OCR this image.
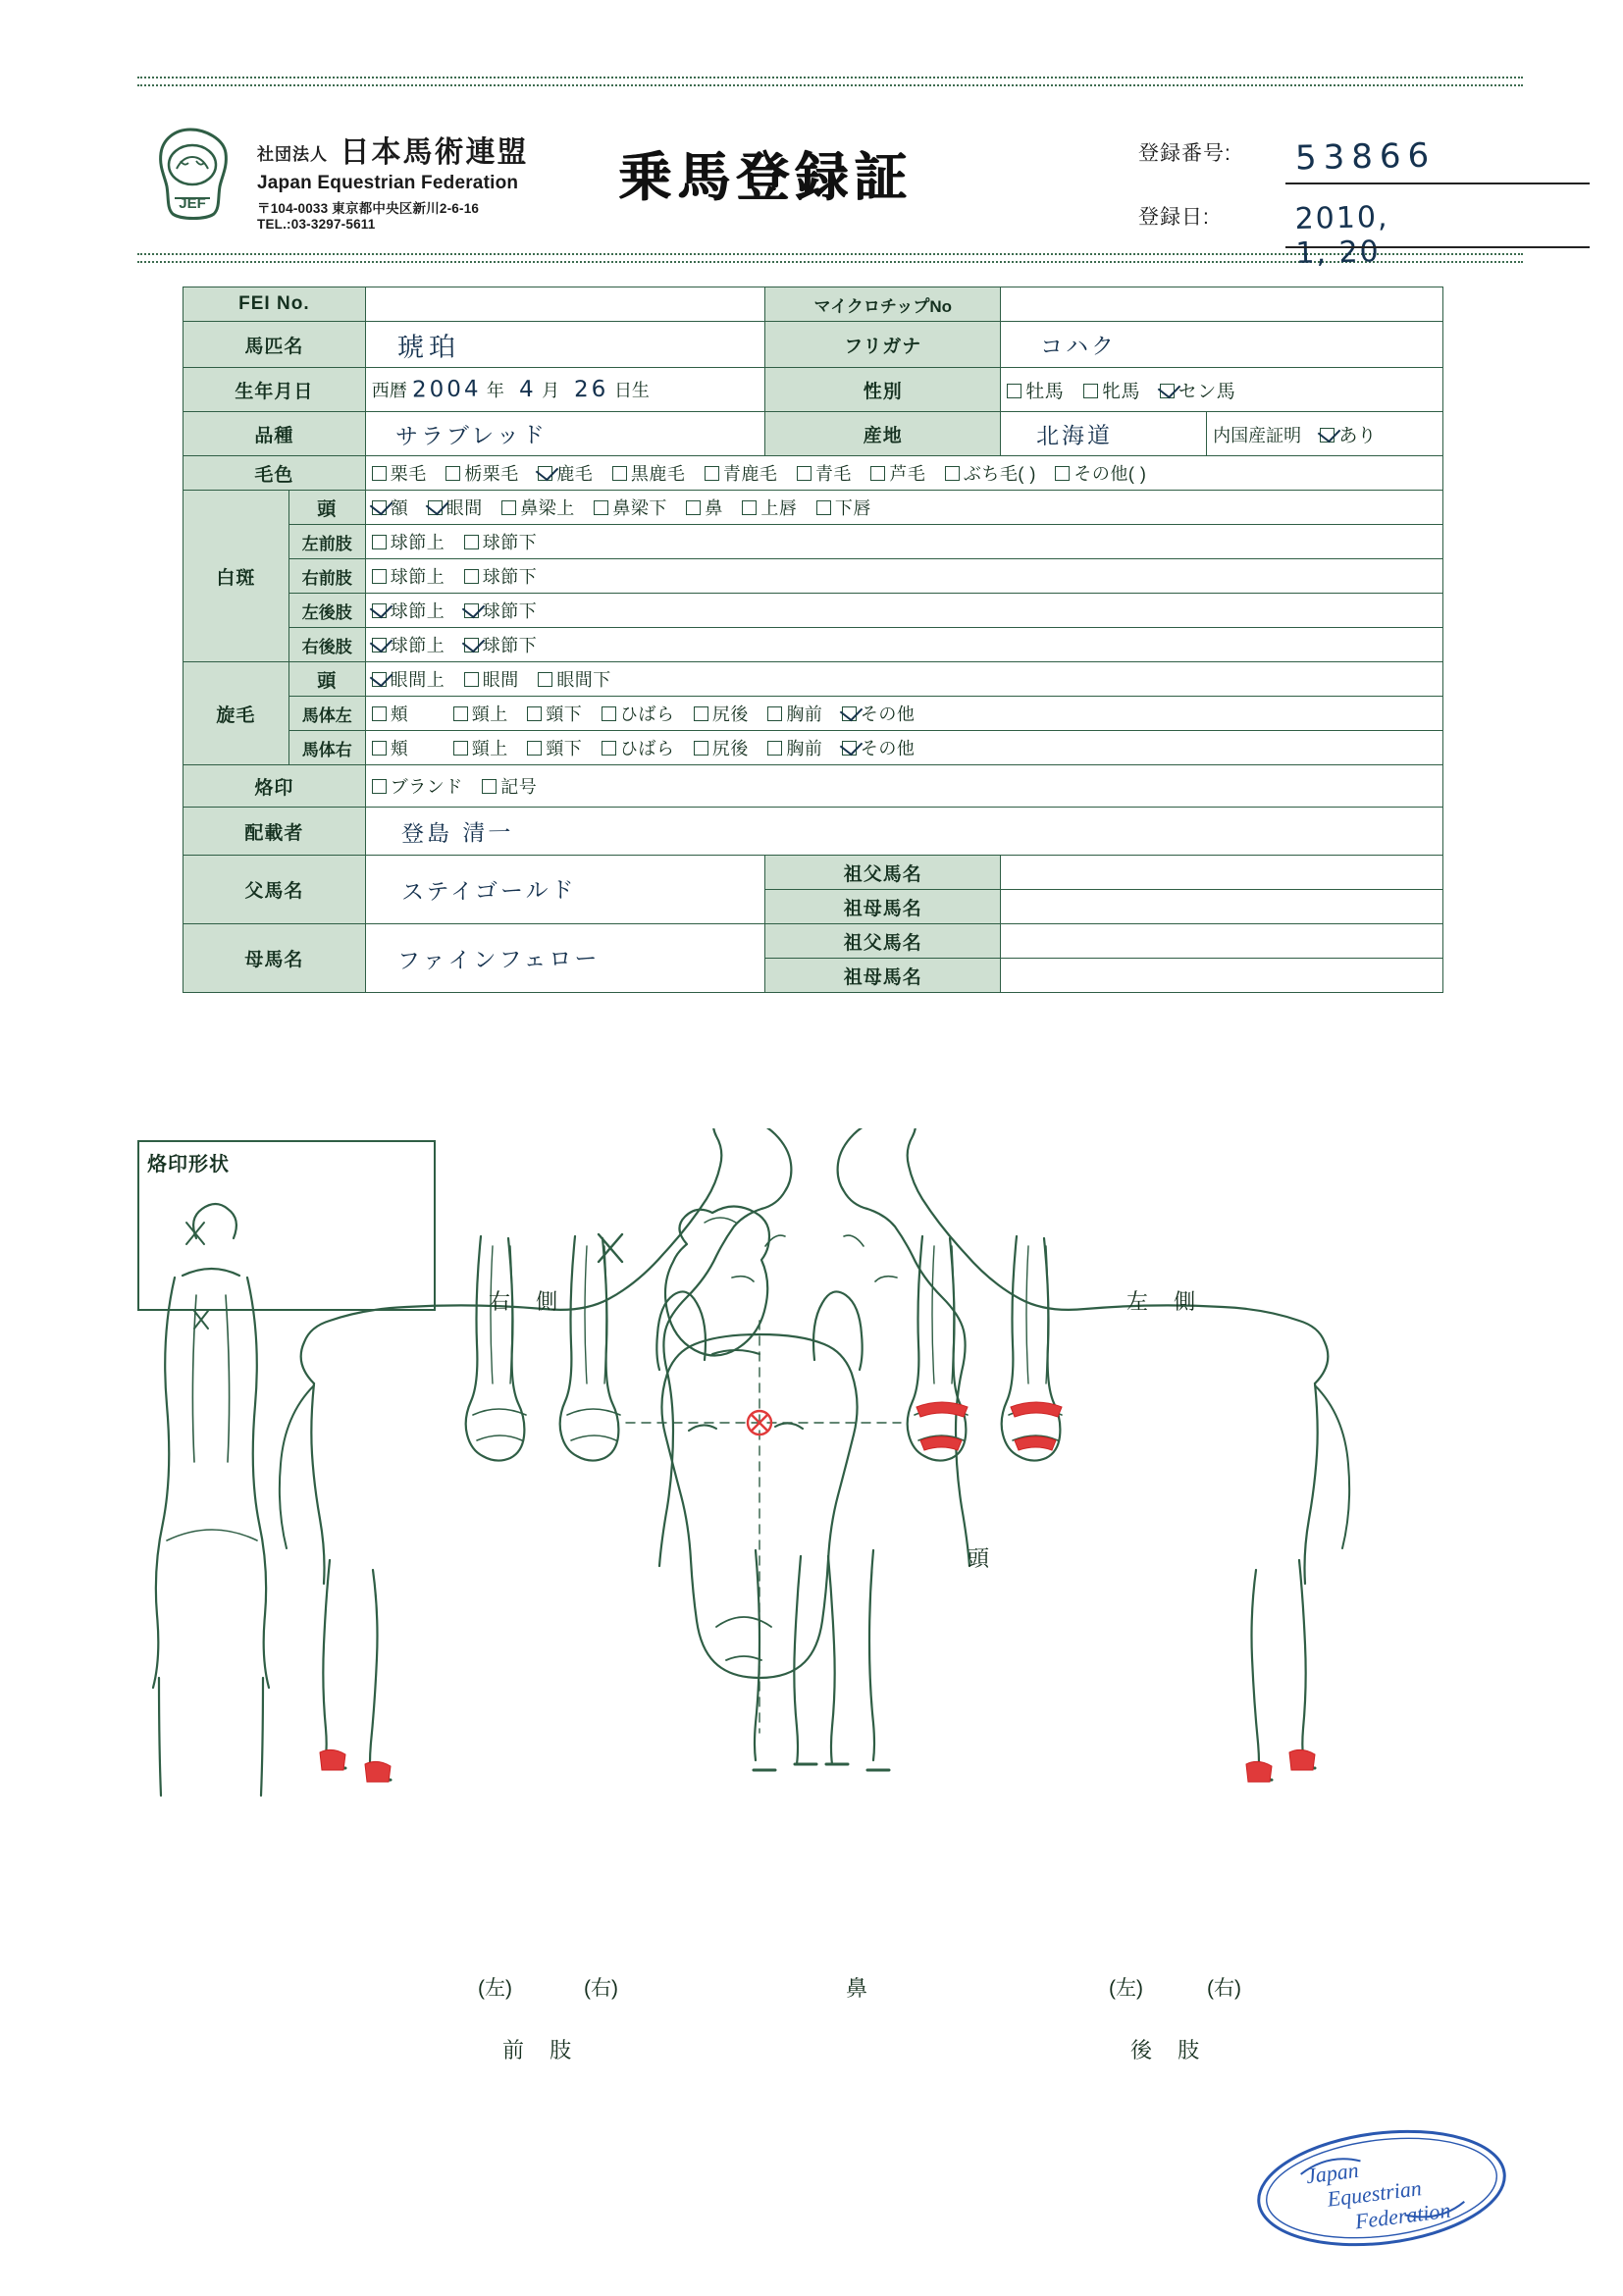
JEF
社団法人 日本馬術連盟
Japan Equestrian Federation
〒104-0033 東京都中央区新川2-6-16
TEL.:03-3297-5611
乗馬登録証	登録番号: 53866
登録日:	2010, 1, 20
FEI No.			マイクロチップNo		
馬匹名		琥珀	フリガナ	コハク	
生年月日		西暦 2004 年 4 月 26 日生	性別	牡馬 牝馬 セン馬	
品種		サラブレッド	産地	北海道	内国産証明 あり
毛色		栗毛 栃栗毛 鹿毛 黒鹿毛 青鹿毛 青毛 芦毛 ぶち毛( ) その他( )			
白斑	頭	額 眼間 鼻梁上 鼻梁下 鼻 上唇 下唇			
	左前肢	球節上 球節下			
	右前肢	球節上 球節下			
	左後肢	球節上 球節下			
	右後肢	球節上 球節下			
旋毛	頭	眼間上 眼間 眼間下			
	馬体左	頬 頸上 頸下 ひばら 尻後 胸前 その他			
	馬体右	頬 頸上 頸下 ひばら 尻後 胸前 その他			
烙印		ブランド 記号			
配載者		登島 清一			
父馬名		ステイゴールド	祖父馬名		
			祖母馬名		
母馬名		ファインフェロー	祖父馬名		
			祖母馬名		
烙印形状
右 側	左 側
頭
(左)	(右)
前 肢
鼻	(左)	(右)
後 肢
Japan
Equestrian
Federation
